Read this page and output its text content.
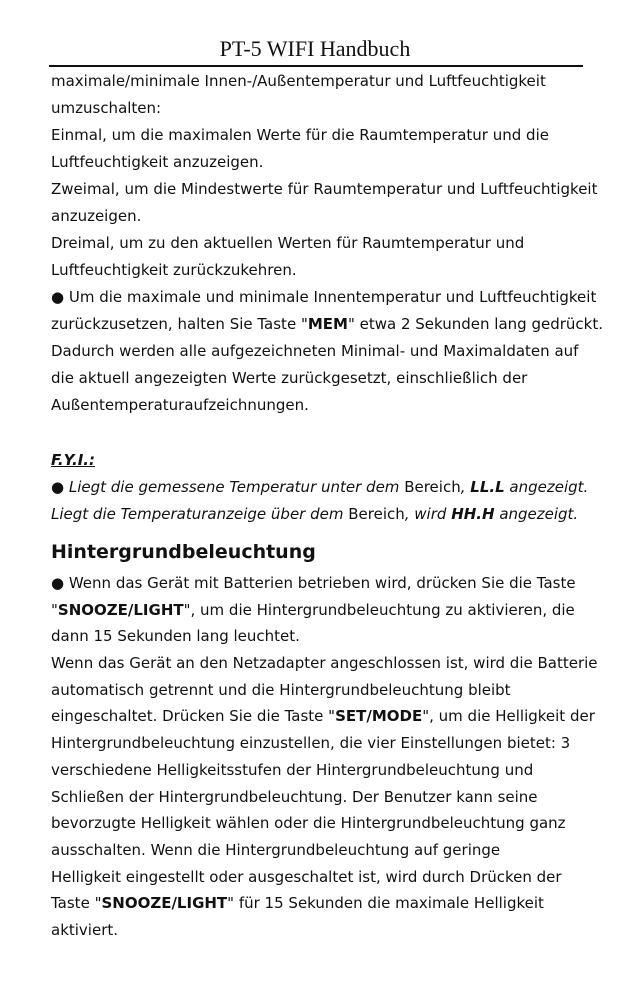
PT-5 WIFI Handbuch
maximale/minimale Innen-/Außentemperatur und Luftfeuchtigkeit
umzuschalten:
Einmal, um die maximalen Werte für die Raumtemperatur und die
Luftfeuchtigkeit anzuzeigen.
Zweimal, um die Mindestwerte für Raumtemperatur und Luftfeuchtigkeit
anzuzeigen.
Dreimal, um zu den aktuellen Werten für Raumtemperatur und
Luftfeuchtigkeit zurückzukehren.
● Um die maximale und minimale Innentemperatur und Luftfeuchtigkeit
zurückzusetzen, halten Sie Taste "MEM" etwa 2 Sekunden lang gedrückt.
Dadurch werden alle aufgezeichneten Minimal- und Maximaldaten auf
die aktuell angezeigten Werte zurückgesetzt, einschließlich der
Außentemperaturaufzeichnungen.
F.Y.I.:
● Liegt die gemessene Temperatur unter dem Bereich, LL.L angezeigt.
Liegt die Temperaturanzeige über dem Bereich, wird HH.H angezeigt.
Hintergrundbeleuchtung
● Wenn das Gerät mit Batterien betrieben wird, drücken Sie die Taste
"SNOOZE/LIGHT", um die Hintergrundbeleuchtung zu aktivieren, die
dann 15 Sekunden lang leuchtet.
Wenn das Gerät an den Netzadapter angeschlossen ist, wird die Batterie
automatisch getrennt und die Hintergrundbeleuchtung bleibt
eingeschaltet. Drücken Sie die Taste "SET/MODE", um die Helligkeit der
Hintergrundbeleuchtung einzustellen, die vier Einstellungen bietet: 3
verschiedene Helligkeitsstufen der Hintergrundbeleuchtung und
Schließen der Hintergrundbeleuchtung. Der Benutzer kann seine
bevorzugte Helligkeit wählen oder die Hintergrundbeleuchtung ganz
ausschalten. Wenn die Hintergrundbeleuchtung auf geringe
Helligkeit eingestellt oder ausgeschaltet ist, wird durch Drücken der
Taste "SNOOZE/LIGHT" für 15 Sekunden die maximale Helligkeit
aktiviert.
